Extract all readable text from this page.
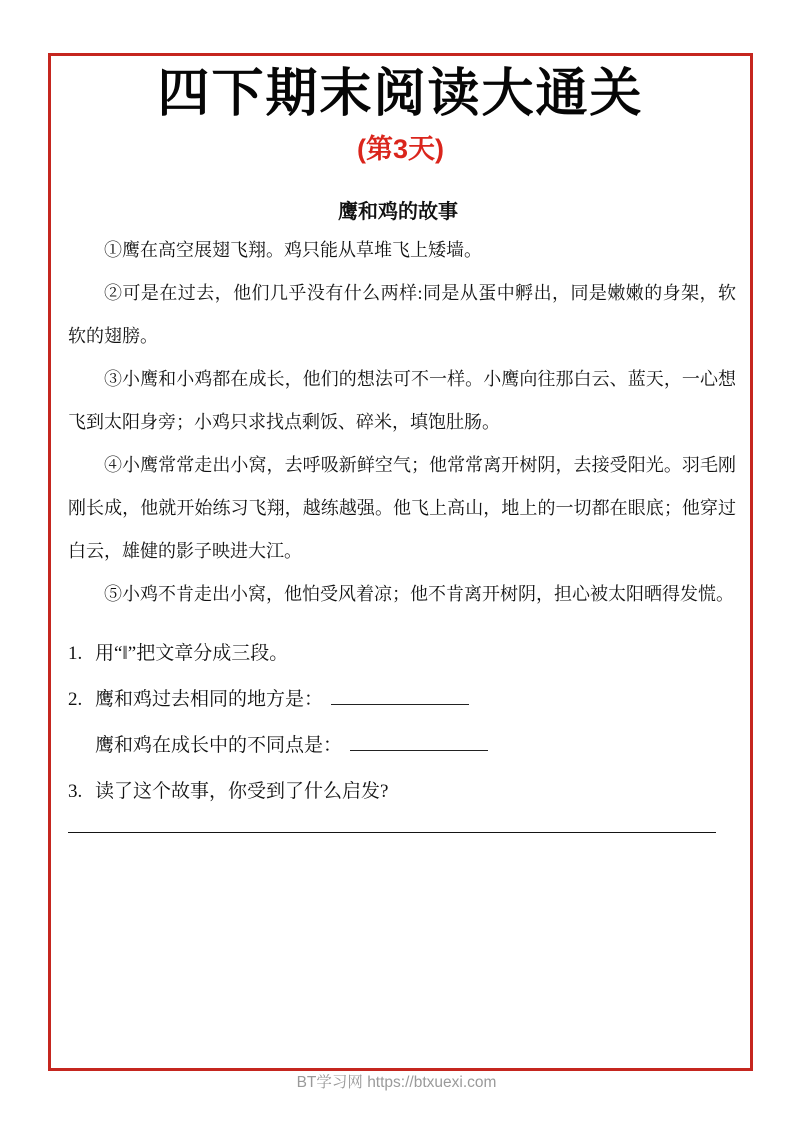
四下期末阅读大通关
(第3天)
鹰和鸡的故事

①鹰在高空展翅飞翔。鸡只能从草堆飞上矮墙。

②可是在过去，他们几乎没有什么两样:同是从蛋中孵出，同是嫩嫩的身架，软软的翅膀。

③小鹰和小鸡都在成长，他们的想法可不一样。小鹰向往那白云、蓝天，一心想飞到太阳身旁；小鸡只求找点剩饭、碎米，填饱肚肠。

④小鹰常常走出小窝，去呼吸新鲜空气；他常常离开树阴，去接受阳光。羽毛刚刚长成，他就开始练习飞翔，越练越强。他飞上高山，地上的一切都在眼底；他穿过白云，雄健的影子映进大江。

⑤小鸡不肯走出小窝，他怕受风着凉；他不肯离开树阴，担心被太阳晒得发慌。

1. 用“‖”把文章分成三段。
2. 鹰和鸡过去相同的地方是：
鹰和鸡在成长中的不同点是：
3. 读了这个故事，你受到了什么启发?
BT学习网 https://btxuexi.com
